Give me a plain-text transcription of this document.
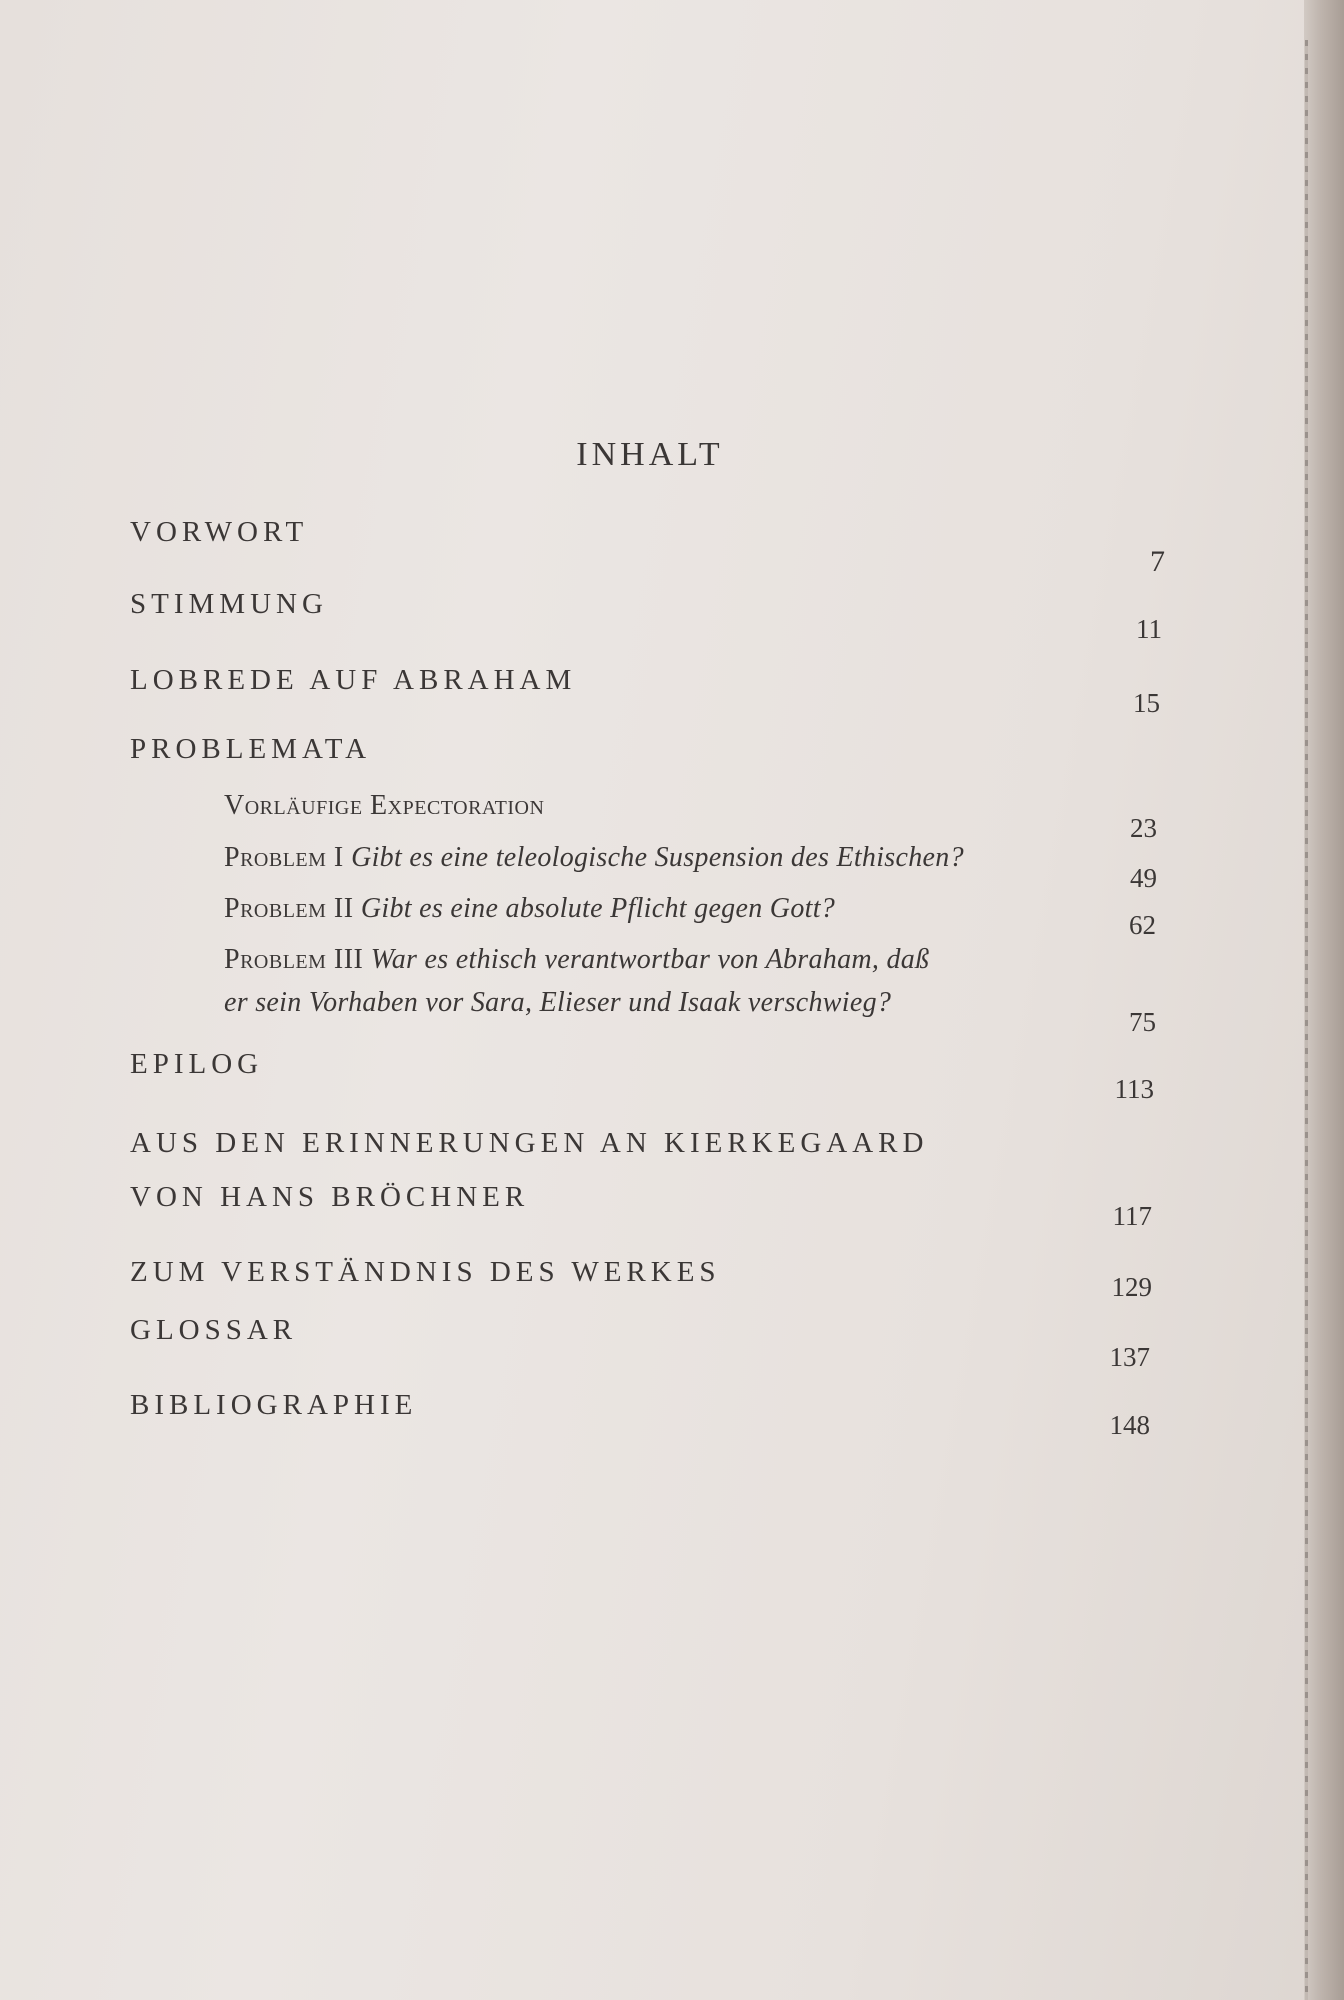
INHALT
VORWORT
7
STIMMUNG
11
LOBREDE AUF ABRAHAM
15
PROBLEMATA
Vorläufige Expectoration
23
Problem I Gibt es eine teleologische Suspension des Ethischen?
49
Problem II Gibt es eine absolute Pflicht gegen Gott?
62
Problem III War es ethisch verantwortbar von Abraham, daß
er sein Vorhaben vor Sara, Elieser und Isaak verschwieg?
75
EPILOG
113
AUS DEN ERINNERUNGEN AN KIERKEGAARD
VON HANS BRÖCHNER
117
ZUM VERSTÄNDNIS DES WERKES	129
GLOSSAR
137
BIBLIOGRAPHIE
148
